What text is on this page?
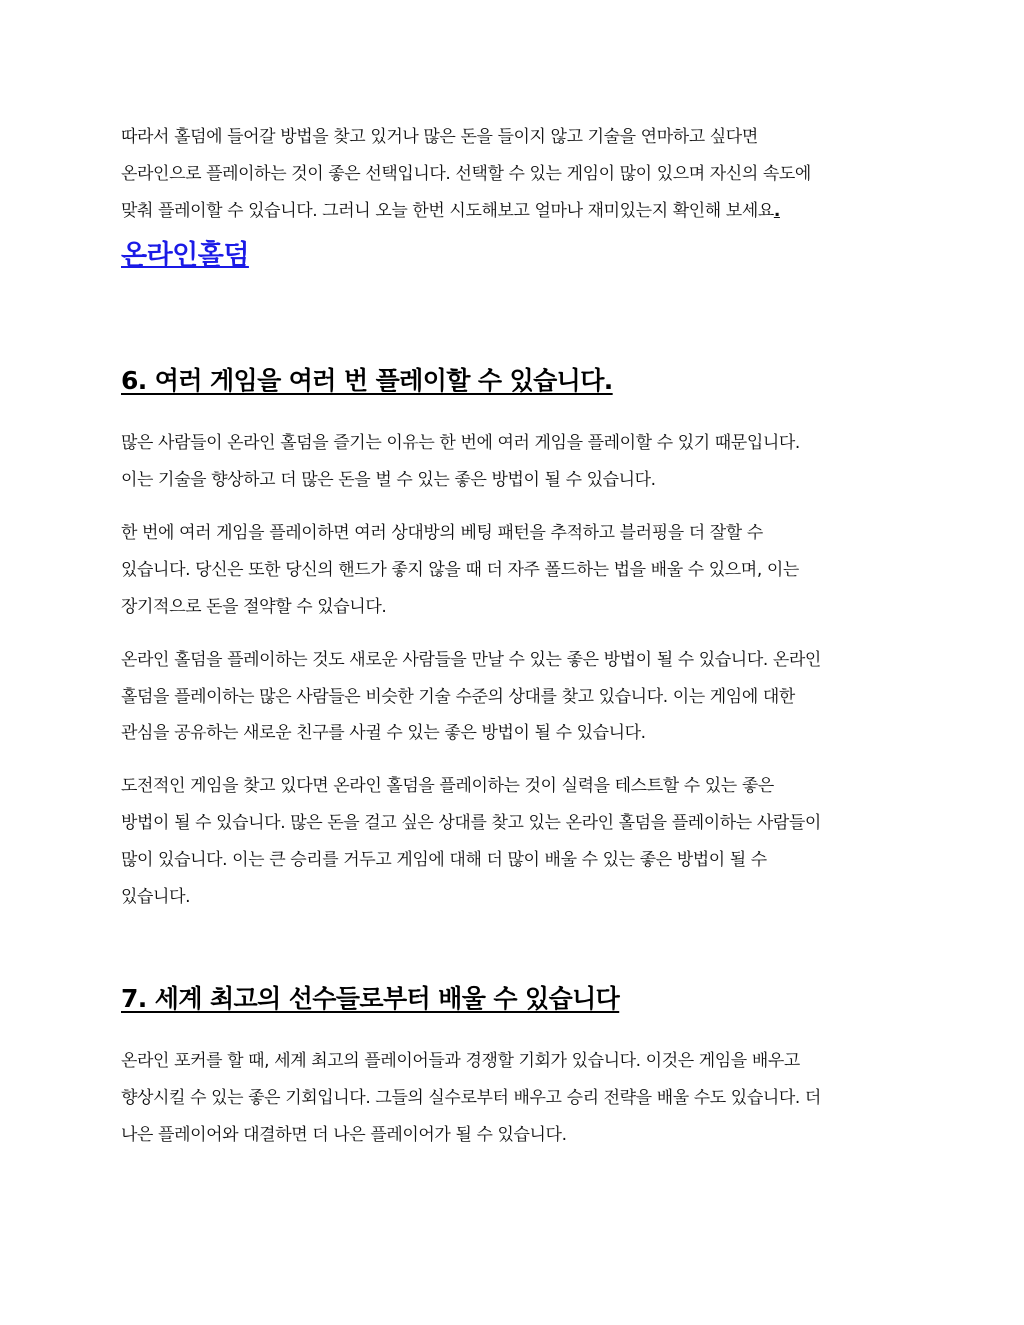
따라서 홀덤에 들어갈 방법을 찾고 있거나 많은 돈을 들이지 않고 기술을 연마하고 싶다면
온라인으로 플레이하는 것이 좋은 선택입니다. 선택할 수 있는 게임이 많이 있으며 자신의 속도에
맞춰 플레이할 수 있습니다. 그러니 오늘 한번 시도해보고 얼마나 재미있는지 확인해 보세요.
온라인홀덤
6. 여러 게임을 여러 번 플레이할 수 있습니다.
많은 사람들이 온라인 홀덤을 즐기는 이유는 한 번에 여러 게임을 플레이할 수 있기 때문입니다.
이는 기술을 향상하고 더 많은 돈을 벌 수 있는 좋은 방법이 될 수 있습니다.
한 번에 여러 게임을 플레이하면 여러 상대방의 베팅 패턴을 추적하고 블러핑을 더 잘할 수
있습니다. 당신은 또한 당신의 핸드가 좋지 않을 때 더 자주 폴드하는 법을 배울 수 있으며, 이는
장기적으로 돈을 절약할 수 있습니다.
온라인 홀덤을 플레이하는 것도 새로운 사람들을 만날 수 있는 좋은 방법이 될 수 있습니다. 온라인
홀덤을 플레이하는 많은 사람들은 비슷한 기술 수준의 상대를 찾고 있습니다. 이는 게임에 대한
관심을 공유하는 새로운 친구를 사귈 수 있는 좋은 방법이 될 수 있습니다.
도전적인 게임을 찾고 있다면 온라인 홀덤을 플레이하는 것이 실력을 테스트할 수 있는 좋은
방법이 될 수 있습니다. 많은 돈을 걸고 싶은 상대를 찾고 있는 온라인 홀덤을 플레이하는 사람들이
많이 있습니다. 이는 큰 승리를 거두고 게임에 대해 더 많이 배울 수 있는 좋은 방법이 될 수
있습니다.
7. 세계 최고의 선수들로부터 배울 수 있습니다
온라인 포커를 할 때, 세계 최고의 플레이어들과 경쟁할 기회가 있습니다. 이것은 게임을 배우고
향상시킬 수 있는 좋은 기회입니다. 그들의 실수로부터 배우고 승리 전략을 배울 수도 있습니다. 더
나은 플레이어와 대결하면 더 나은 플레이어가 될 수 있습니다.
